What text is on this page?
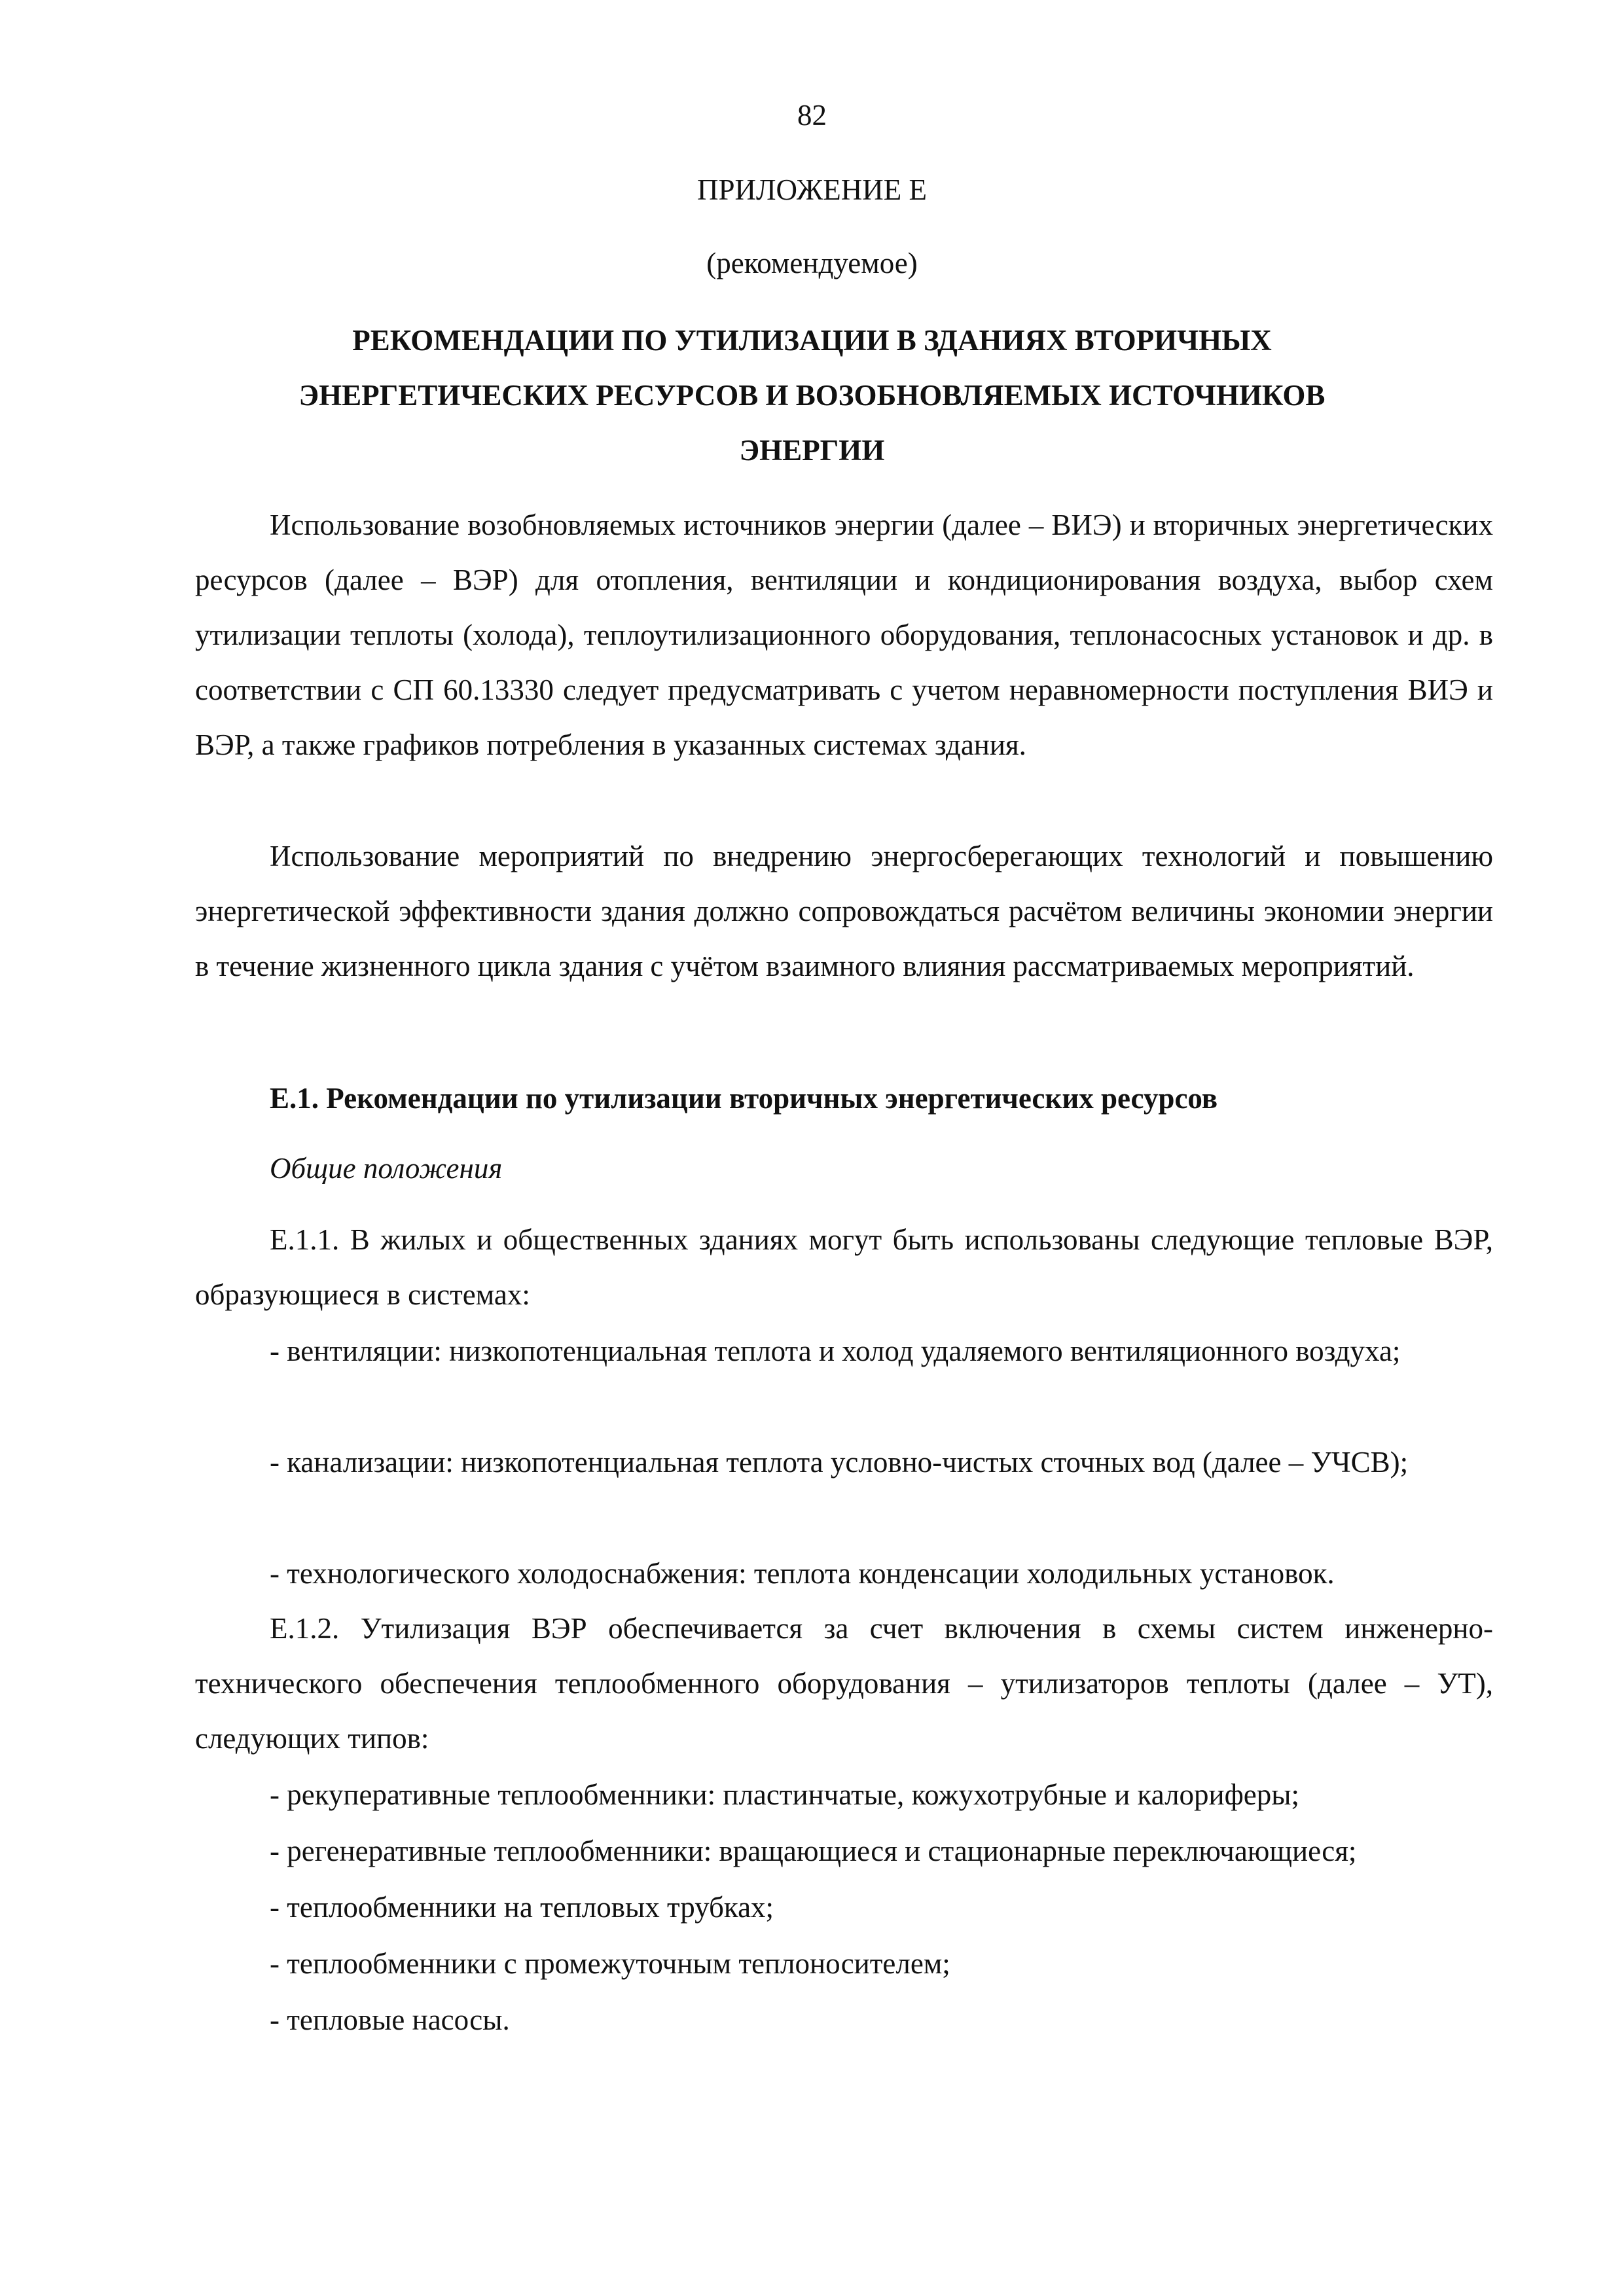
82

ПРИЛОЖЕНИЕ Е

(рекомендуемое)

РЕКОМЕНДАЦИИ ПО УТИЛИЗАЦИИ В ЗДАНИЯХ ВТОРИЧНЫХ
ЭНЕРГЕТИЧЕСКИХ РЕСУРСОВ И ВОЗОБНОВЛЯЕМЫХ ИСТОЧНИКОВ
ЭНЕРГИИ

Использование возобновляемых источников энергии (далее – ВИЭ) и вторичных энергетических ресурсов (далее – ВЭР) для отопления, вентиляции и кондиционирования воздуха, выбор схем утилизации теплоты (холода), теплоутилизационного оборудования, теплонасосных установок и др. в соответствии с СП 60.13330 следует предусматривать с учетом неравномерности поступления ВИЭ и ВЭР, а также графиков потребления в указанных системах здания.

Использование мероприятий по внедрению энергосберегающих технологий и повышению энергетической эффективности здания должно сопровождаться расчётом величины экономии энергии в течение жизненного цикла здания с учётом взаимного влияния рассматриваемых мероприятий.

Е.1. Рекомендации по утилизации вторичных энергетических ресурсов

Общие положения

Е.1.1. В жилых и общественных зданиях могут быть использованы следующие тепловые ВЭР, образующиеся в системах:

- вентиляции: низкопотенциальная теплота и холод удаляемого вентиляционного воздуха;

- канализации: низкопотенциальная теплота условно-чистых сточных вод (далее – УЧСВ);

- технологического холодоснабжения: теплота конденсации холодильных установок.

Е.1.2. Утилизация ВЭР обеспечивается за счет включения в схемы систем инженерно-технического обеспечения теплообменного оборудования – утилизаторов теплоты (далее – УТ), следующих типов:

- рекуперативные теплообменники: пластинчатые, кожухотрубные и калориферы;

- регенеративные теплообменники: вращающиеся и стационарные переключающиеся;

- теплообменники на тепловых трубках;

- теплообменники с промежуточным теплоносителем;

- тепловые насосы.
